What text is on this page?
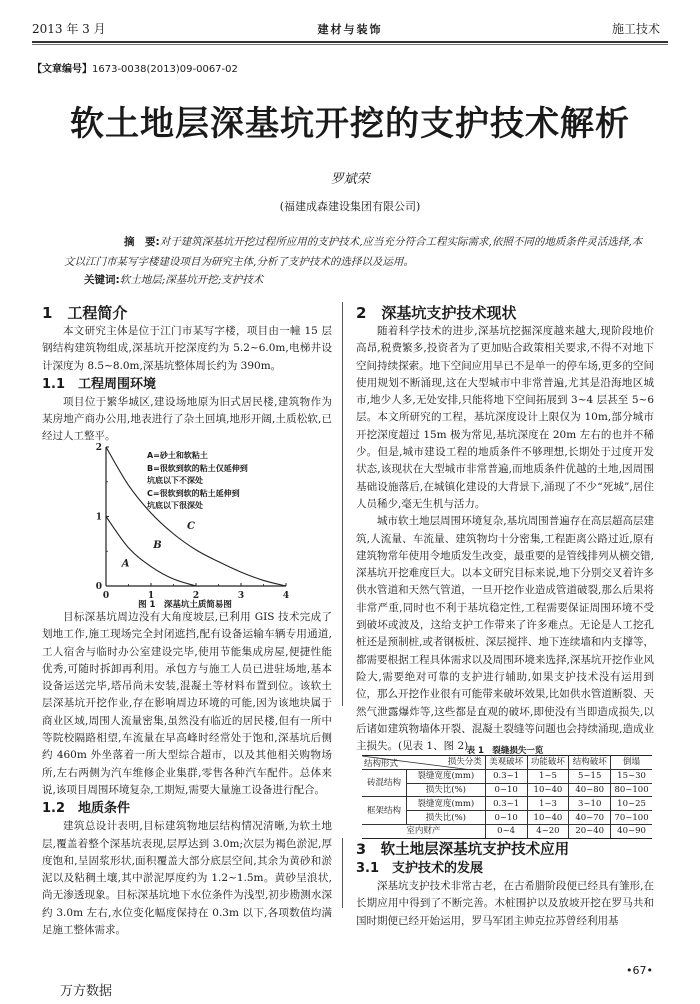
2013 年 3 月	建材与装饰	施工技术
【文章编号】1673-0038(2013)09-0067-02
软土地层深基坑开挖的支护技术解析
罗斌荣
(福建成森建设集团有限公司)
摘　要:对于建筑深基坑开挖过程所应用的支护技术,应当充分符合工程实际需求,依照不同的地质条件灵活选择,本文以江门市某写字楼建设项目为研究主体,分析了支护技术的选择以及运用。
关键词:软土地层;深基坑开挖;支护技术
1　工程简介

本文研究主体是位于江门市某写字楼，项目由一幢 15 层钢结构建筑物组成,深基坑开挖深度约为 5.2~6.0m,电梯井设计深度为 8.5~8.0m,深基坑整体周长约为 390m。

1.1　工程周围环境

项目位于繁华城区,建设场地原为旧式居民楼,建筑物作为某房地产商办公用,地表进行了杂土回填,地形开阔,土质松软,已经过人工整平。

0	1	2	3	4
0
1
2
A
B
C
A=砂土和软粘土
B=很软到软的粘土仅延伸到
坑底以下不深处
C=很软到软的粘土延伸到
坑底以下很深处
图 1　深基坑土质简易图

目标深基坑周边没有大角度坡层,已利用 GIS 技术完成了划地工作,施工现场完全封闭遮挡,配有设备运输车辆专用通道,工人宿舍与临时办公室建设完毕,使用节能集成房屋,便捷性能优秀,可随时拆卸再利用。承包方与施工人员已进驻场地,基本设备运送完毕,塔吊尚未安装,混凝土等材料布置到位。该软土层深基坑开挖作业,存在影响周边环境的可能,因为该地块属于商业区域,周围人流量密集,虽然没有临近的居民楼,但有一所中等院校隔路相望,车流量在早高峰时经常处于饱和,深基坑后侧约 460m 外坐落着一所大型综合超市，以及其他相关购物场所,左右两侧为汽车维修企业集群,零售各种汽车配件。总体来说,该项目周围环境复杂,工期短,需要大量施工设备进行配合。

1.2　地质条件

建筑总设计表明,目标建筑物地层结构情况清晰,为软土地层,覆盖着整个深基坑表现,层厚达到 3.0m;次层为褐色淤泥,厚度饱和,呈固浆形状,面积覆盖大部分底层空间,其余为黄砂和淤泥以及粘稠土壤,其中淤泥厚度约为 1.2~1.5m。黄砂呈浪状,尚无渗透现象。目标深基坑地下水位条件为浅型,初步勘测水深约 3.0m 左右,水位变化幅度保持在 0.3m 以下,各项数值均满足施工整体需求。

2　深基坑支护技术现状

随着科学技术的进步,深基坑挖掘深度越来越大,现阶段地价高昂,税费繁多,投资者为了更加贴合政策相关要求,不得不对地下空间持续探索。地下空间应用早已不是单一的停车场,更多的空间使用规划不断涌现,这在大型城市中非常普遍,尤其是沿海地区城市,地少人多,无处安排,只能将地下空间拓展到 3~4 层甚至 5~6 层。本文所研究的工程，基坑深度设计上限仅为 10m,部分城市开挖深度超过 15m 极为常见,基坑深度在 20m 左右的也并不稀少。但是,城市建设工程的地质条件不够理想,长期处于过度开发状态,该现状在大型城市非常普遍,而地质条件优越的土地,因周围基础设施落后,在城镇化建设的大背景下,涌现了不少“死城”,居住人员稀少,毫无生机与活力。

城市软土地层周围环境复杂,基坑周围普遍存在高层超高层建筑,人流量、车流量、建筑物均十分密集,工程距离公路过近,原有建筑物常年使用令地质发生改变，最重要的是管线排列从横交错,深基坑开挖难度巨大。以本文研究目标来说,地下分别交叉着许多供水管道和天然气管道，一旦开挖作业造成管道破裂,那么后果将非常严重,同时也不利于基坑稳定性,工程需要保证周围环境不受到破坏或波及，这给支护工作带来了许多难点。无论是人工挖孔桩还是预制桩,或者钢板桩、深层搅拌、地下连续墙和内支撑等，都需要根据工程具体需求以及周围环境来选择,深基坑开挖作业风险大,需要绝对可靠的支护进行辅助,如果支护技术没有运用到位，那么开挖作业很有可能带来破坏效果,比如供水管道断裂、天然气泄露爆炸等,这些都是直观的破坏,即使没有当即造成损失,以后诸如建筑物墙体开裂、混凝土裂缝等问题也会持续涌现,造成业主损失。(见表 1、图 2)

表 1　裂缝损失一览
损失分类
结构形式		美观破坏	功能破坏	结构破坏	倒塌
砖混结构	裂缝宽度(mm)	0.3~1	1~5	5~15	15~30
	损失比(%)	0~10	10~40	40~80	80~100
框架结构	裂缝宽度(mm)	0.3~1	1~3	3~10	10~25
	损失比(%)	0~10	10~40	40~70	70~100
室内财产		0~4	4~20	20~40	40~90
3　软土地层深基坑支护技术应用
3.1　支护技术的发展

深基坑支护技术非常古老，在古希腊阶段便已经具有雏形,在长期应用中得到了不断完善。木桩围护以及放坡开挖在罗马共和国时期便已经开始运用，罗马军团主帅克拉苏曾经利用基

•67•
万方数据
